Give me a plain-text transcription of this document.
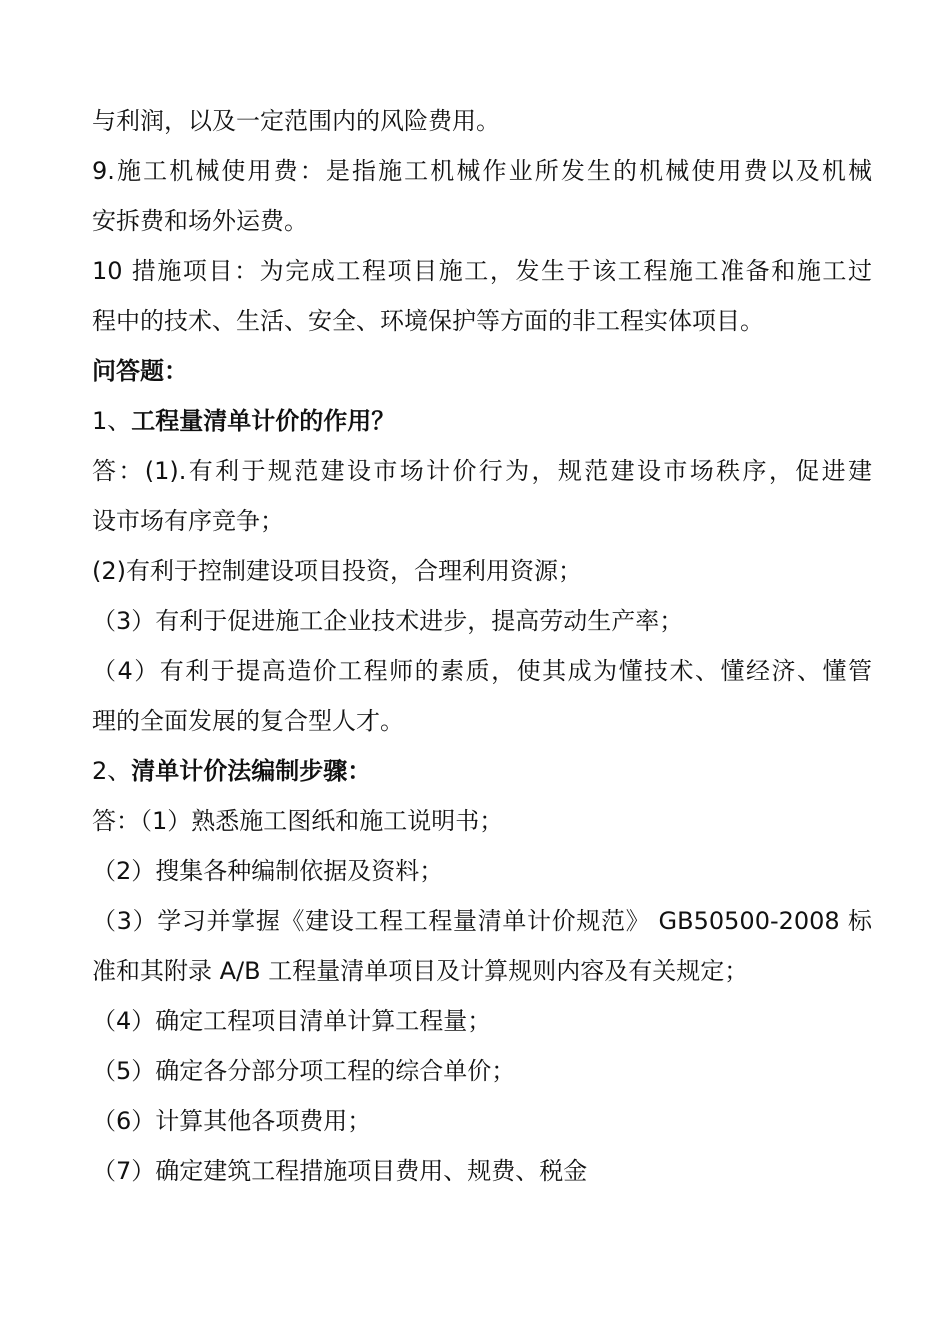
与利润，以及一定范围内的风险费用。
9.施工机械使用费：是指施工机械作业所发生的机械使用费以及机械
安拆费和场外运费。
10 措施项目：为完成工程项目施工，发生于该工程施工准备和施工过
程中的技术、生活、安全、环境保护等方面的非工程实体项目。
问答题：
1、工程量清单计价的作用？
答：(1).有利于规范建设市场计价行为，规范建设市场秩序，促进建
设市场有序竞争；
(2)有利于控制建设项目投资，合理利用资源；
（3）有利于促进施工企业技术进步，提高劳动生产率；
（4）有利于提高造价工程师的素质，使其成为懂技术、懂经济、懂管
理的全面发展的复合型人才。
2、清单计价法编制步骤：
答：（1）熟悉施工图纸和施工说明书；
（2）搜集各种编制依据及资料；
（3）学习并掌握《建设工程工程量清单计价规范》 GB50500-2008 标
准和其附录 A/B 工程量清单项目及计算规则内容及有关规定；
（4）确定工程项目清单计算工程量；
（5）确定各分部分项工程的综合单价；
（6）计算其他各项费用；
（7）确定建筑工程措施项目费用、规费、税金
